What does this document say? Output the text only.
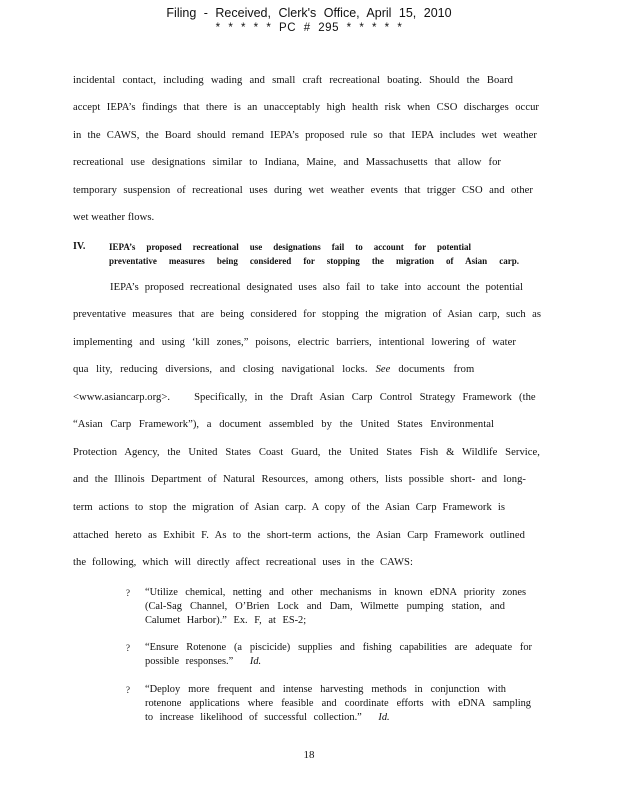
Filing - Received, Clerk's Office, April 15, 2010
* * * * * PC # 295 * * * * *
incidental contact, including wading and small craft recreational boating. Should the Board
accept IEPA’s findings that there is an unacceptably high health risk when CSO discharges occur
in the CAWS, the Board should remand IEPA’s proposed rule so that IEPA includes wet weather
recreational use designations similar to Indiana, Maine, and Massachusetts that allow for
temporary suspension of recreational uses during wet weather events that trigger CSO and other
wet weather flows.
IV.	IEPA’s proposed recreational use designations fail to account for potential
preventative measures being considered for stopping the migration of Asian carp.
IEPA’s proposed recreational designated uses also fail to take into account the potential
preventative measures that are being considered for stopping the migration of Asian carp, such as
implementing and using ‘kill zones,” poisons, electric barriers, intentional lowering of water
qua lity, reducing diversions, and closing navigational locks. See documents from
<www.asiancarp.org>. Specifically, in the Draft Asian Carp Control Strategy Framework (the
“Asian Carp Framework”), a document assembled by the United States Environmental
Protection Agency, the United States Coast Guard, the United States Fish & Wildlife Service,
and the Illinois Department of Natural Resources, among others, lists possible short- and long-
term actions to stop the migration of Asian carp. A copy of the Asian Carp Framework is
attached hereto as Exhibit F. As to the short-term actions, the Asian Carp Framework outlined
the following, which will directly affect recreational uses in the CAWS:
? “Utilize chemical, netting and other mechanisms in known eDNA priority zones
(Cal-Sag Channel, O’Brien Lock and Dam, Wilmette pumping station, and
Calumet Harbor).” Ex. F, at ES-2;
? “Ensure Rotenone (a piscicide) supplies and fishing capabilities are adequate for
possible responses.” Id.
? “Deploy more frequent and intense harvesting methods in conjunction with
rotenone applications where feasible and coordinate efforts with eDNA sampling
to increase likelihood of successful collection.” Id.
18
